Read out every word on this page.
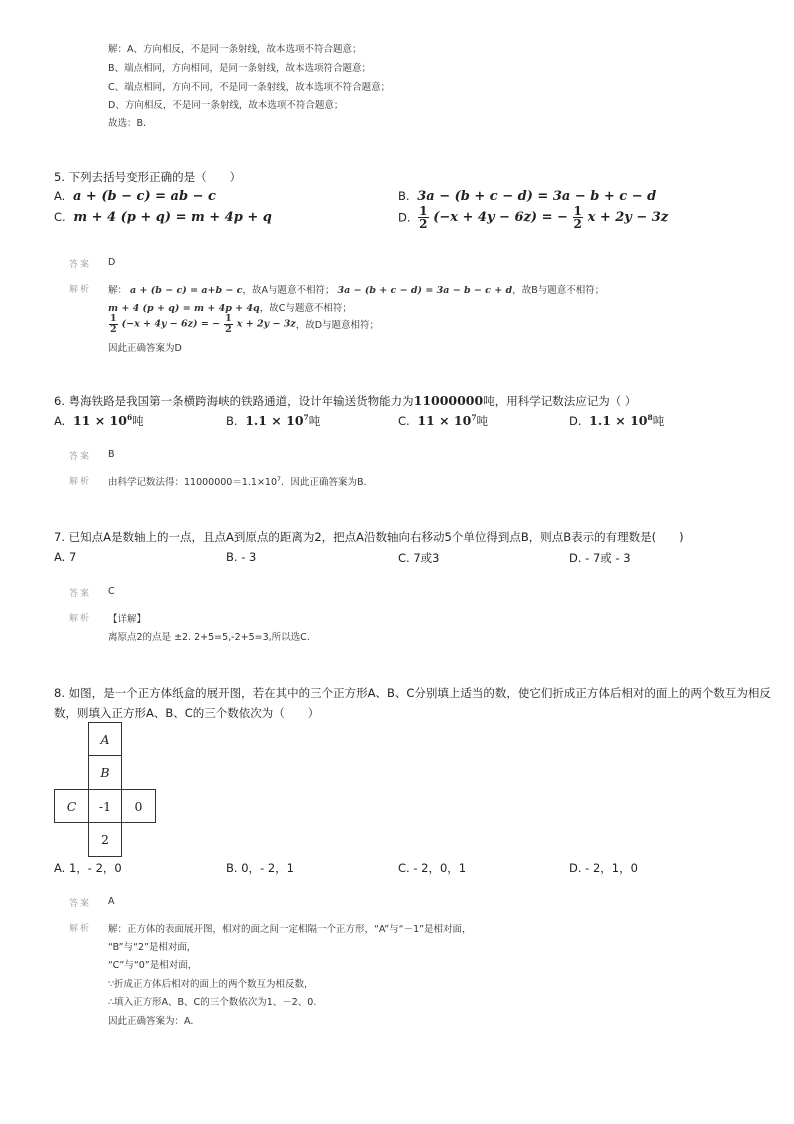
解：A、方向相反，不是同一条射线，故本选项不符合题意；
B、端点相同，方向相同，是同一条射线，故本选项符合题意；
C、端点相同，方向不同，不是同一条射线，故本选项不符合题意；
D、方向相反，不是同一条射线，故本选项不符合题意；
故选：B.
5. 下列去括号变形正确的是（　　）
A. a + (b − c) = ab − c	B. 3a − (b + c − d) = 3a − b + c − d
C. m + 4 (p + q) = m + 4p + q	D. $\frac{1}{2} (-x + 4y - 6z)$ = − $\frac{1}{2}$ x + 2y − 3z
答案 D
解析 解： a + (b − c) = a+b − c，故A与题意不相符； 3a − (b + c − d) = 3a − b − c + d，故B与题意不相符；
m + 4 (p + q) = m + 4p + 4q，故C与题意不相符；
$\frac{1}{2} (-x + 4y - 6z)$ = − $\frac{1}{2}$ x + 2y − 3z，故D与题意相符；
因此正确答案为D
6. 粤海铁路是我国第一条横跨海峡的铁路通道，设计年输送货物能力为11000000吨，用科学记数法应记为（ ）
A. $11 \times 10^6$吨	B. $1.1 \times 10^7$吨	C. $11 \times 10^7$吨	D. $1.1 \times 10^8$吨
答案 B
解析 由科学记数法得：$11000000=1.1\times 10^7$．因此正确答案为B.
7. 已知点A是数轴上的一点，且点A到原点的距离为2，把点A沿数轴向右移动5个单位得到点B，则点B表示的有理数是(　　)
A. 7	B. - 3	C. 7或3	D. - 7或 - 3
答案 C
解析 【详解】
离原点2的点是 ±2. 2+5=5,-2+5=3,所以选C.
8. 如图，是一个正方体纸盒的展开图，若在其中的三个正方形A、B、C分别填上适当的数，使它们折成正方体后相对的面上的两个数互为相反
数，则填入正方形A、B、C的三个数依次为（　　）
A
B
C	-1	0
2
A. 1，- 2，0	B. 0，- 2，1	C. - 2，0，1	D. - 2，1，0
答案 A
解析 解：正方体的表面展开图，相对的面之间一定相隔一个正方形，“A”与“－1”是相对面，
“B”与“2”是相对面，
“C”与“0”是相对面，
∵折成正方体后相对的面上的两个数互为相反数，
∴填入正方形A、B、C的三个数依次为1、－2、0.
因此正确答案为：A.
